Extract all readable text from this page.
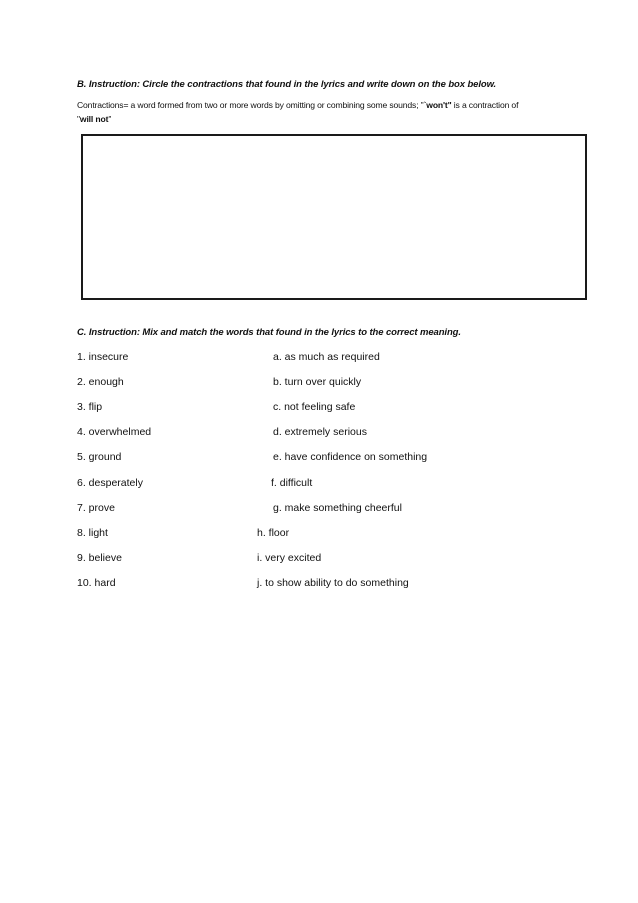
B. Instruction: Circle the contractions that found in the lyrics and write down on the box below.
Contractions= a word formed from two or more words by omitting or combining some sounds; "`won't" is a contraction of
"will not''
C. Instruction: Mix and match the words that found in the lyrics to the correct meaning.
1. insecure	a. as much as required
2. enough	b. turn over quickly
3. flip	c. not feeling safe
4. overwhelmed	d. extremely serious
5. ground	e. have confidence on something
6. desperately	f. difficult
7. prove	g. make something cheerful
8. light	h. floor
9. believe	i. very excited
10. hard	j. to show ability to do something
